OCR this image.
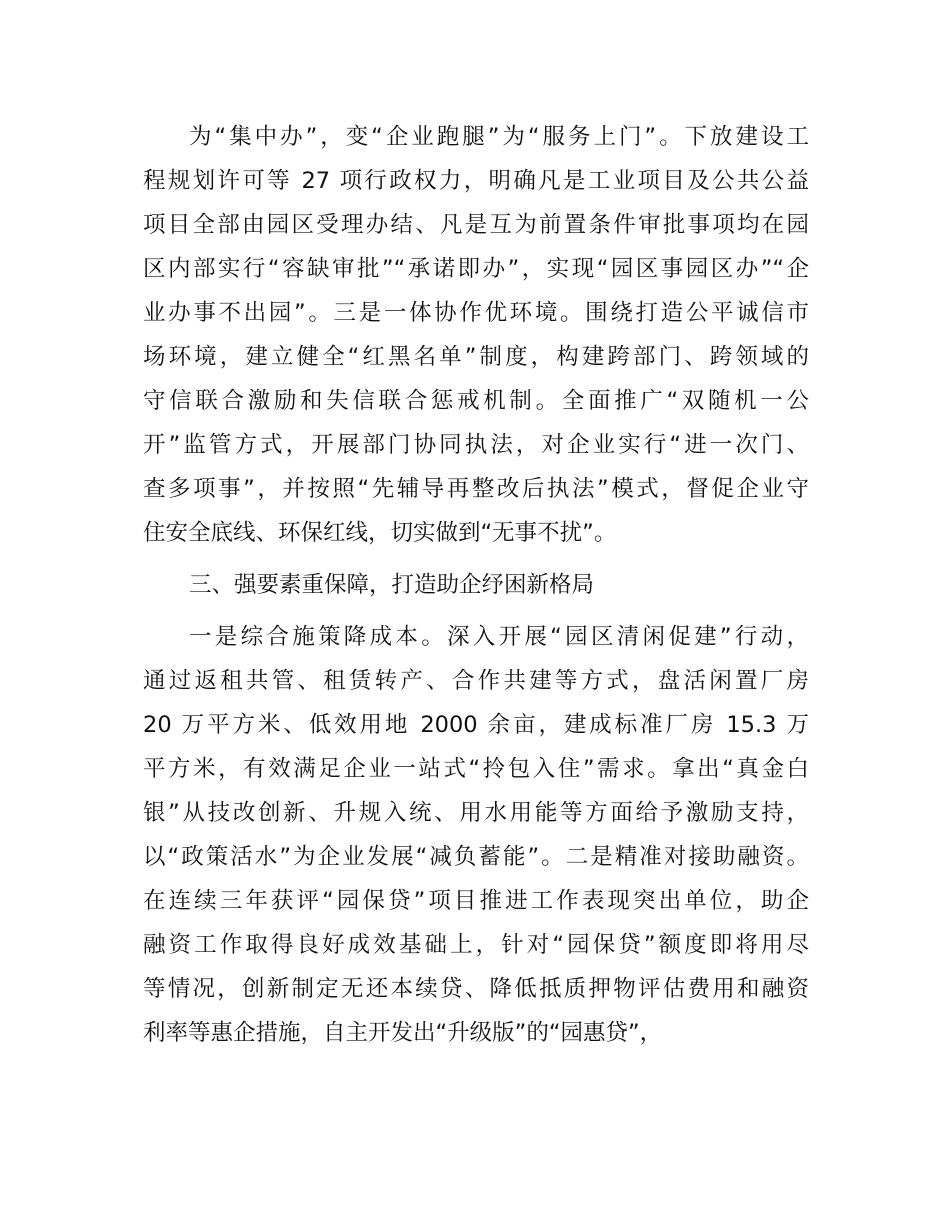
为“集中办”，变“企业跑腿”为“服务上门”。下放建设工
程规划许可等 27 项行政权力，明确凡是工业项目及公共公益
项目全部由园区受理办结、凡是互为前置条件审批事项均在园
区内部实行“容缺审批”“承诺即办”，实现“园区事园区办”“企
业办事不出园”。三是一体协作优环境。围绕打造公平诚信市
场环境，建立健全“红黑名单”制度，构建跨部门、跨领域的
守信联合激励和失信联合惩戒机制。全面推广“双随机一公
开”监管方式，开展部门协同执法，对企业实行“进一次门、
查多项事”，并按照“先辅导再整改后执法”模式，督促企业守
住安全底线、环保红线，切实做到“无事不扰”。
三、强要素重保障，打造助企纾困新格局
一是综合施策降成本。深入开展“园区清闲促建”行动，
通过返租共管、租赁转产、合作共建等方式，盘活闲置厂房
20 万平方米、低效用地 2000 余亩，建成标准厂房 15.3 万
平方米，有效满足企业一站式“拎包入住”需求。拿出“真金白
银”从技改创新、升规入统、用水用能等方面给予激励支持，
以“政策活水”为企业发展“减负蓄能”。二是精准对接助融资。
在连续三年获评“园保贷”项目推进工作表现突出单位，助企
融资工作取得良好成效基础上，针对“园保贷”额度即将用尽
等情况，创新制定无还本续贷、降低抵质押物评估费用和融资
利率等惠企措施，自主开发出“升级版”的“园惠贷”，
